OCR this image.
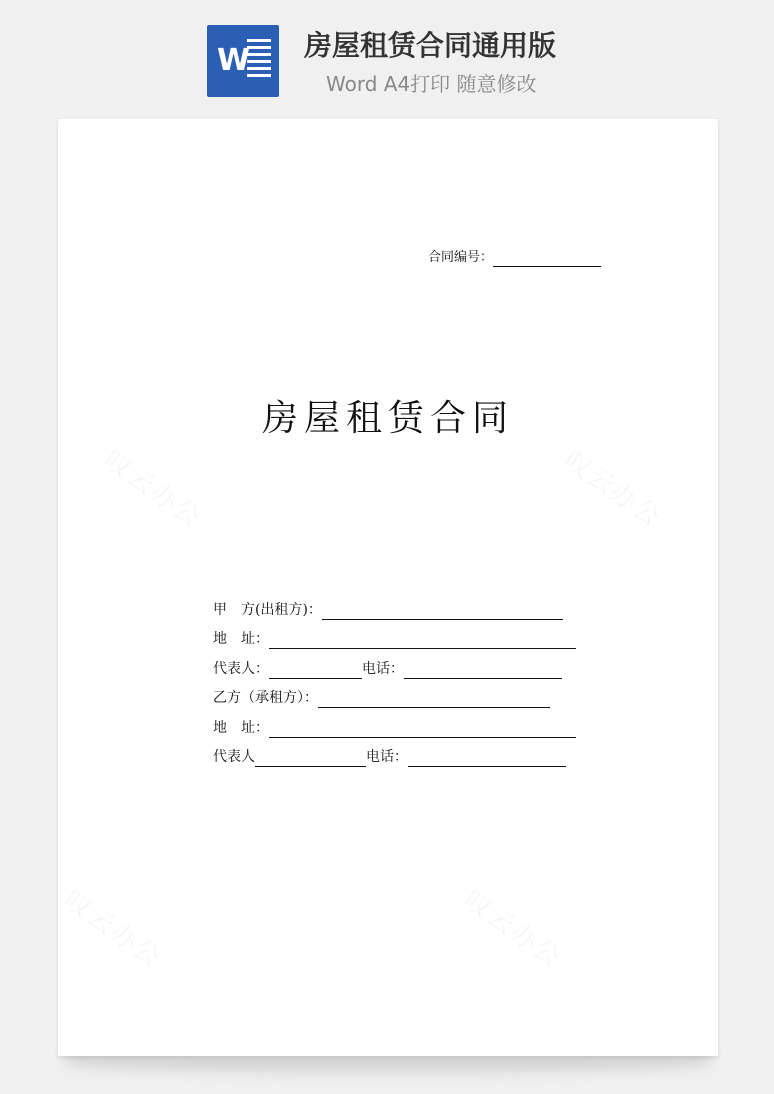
W 房屋租赁合同通用版
Word A4打印 随意修改
合同编号：
房屋租赁合同
甲　方(出租方)：
地　址：
代表人：	电话：
乙方（承租方）：
地　址：
代表人	电话：
